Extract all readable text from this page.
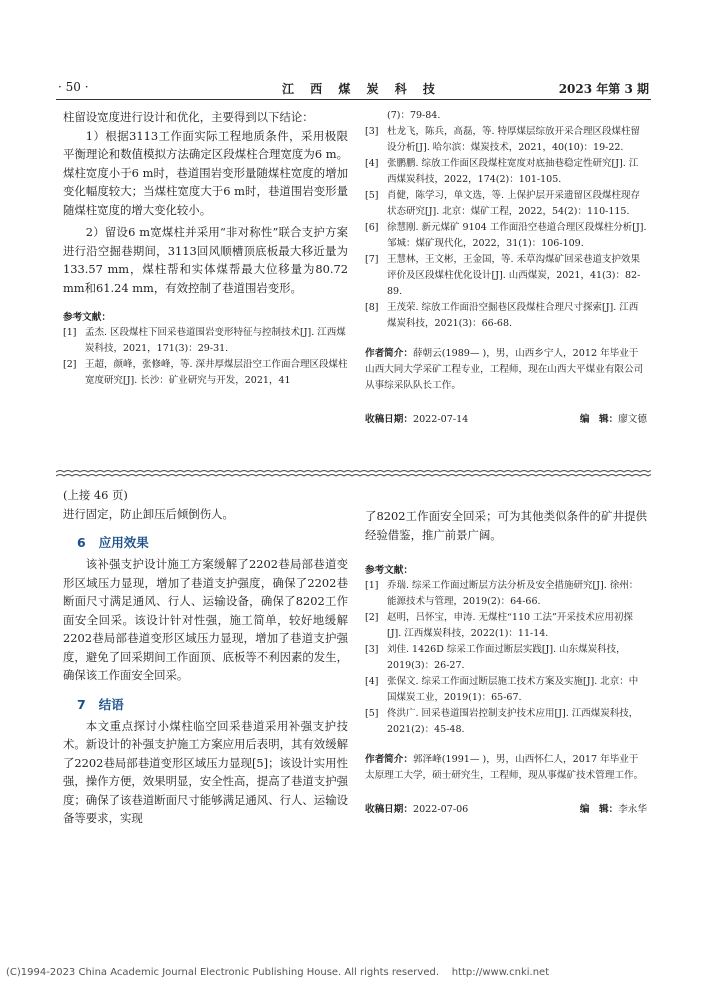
· 50 ·	江 西 煤 炭 科 技	2023 年第 3 期
柱留设宽度进行设计和优化，主要得到以下结论：
1）根据3113工作面实际工程地质条件，采用极限平衡理论和数值模拟方法确定区段煤柱合理宽度为6 m。煤柱宽度小于6 m时，巷道围岩变形量随煤柱宽度的增加变化幅度较大；当煤柱宽度大于6 m时，巷道围岩变形量随煤柱宽度的增大变化较小。
2）留设6 m宽煤柱并采用“非对称性”联合支护方案进行沿空掘巷期间，3113回风顺槽顶底板最大移近量为133.57 mm，煤柱帮和实体煤帮最大位移量为80.72 mm和61.24 mm，有效控制了巷道围岩变形。
参考文献：
[1] 孟杰. 区段煤柱下回采巷道围岩变形特征与控制技术[J]. 江西煤炭科技，2021，171(3)：29-31.
[2] 王超，颜峰，张修峰，等. 深井厚煤层沿空工作面合理区段煤柱宽度研究[J]. 长沙：矿业研究与开发，2021，41
(7)：79-84.
[3] 杜龙飞，陈兵，高磊，等. 特厚煤层综放开采合理区段煤柱留设分析[J]. 哈尔滨：煤炭技术，2021，40(10)：19-22.
[4] 张鹏鹏. 综放工作面区段煤柱宽度对底抽巷稳定性研究[J]. 江西煤炭科技，2022，174(2)：101-105.
[5] 肖健，陈学习，单文选，等. 上保护层开采遗留区段煤柱现存状态研究[J]. 北京：煤矿工程，2022，54(2)：110-115.
[6] 徐慧刚. 新元煤矿 9104 工作面沿空巷道合理区段煤柱分析[J]. 邹城：煤矿现代化，2022，31(1)：106-109.
[7] 王慧林，王文彬，王金国，等. 禾草沟煤矿回采巷道支护效果评价及区段煤柱优化设计[J]. 山西煤炭，2021，41(3)：82-89.
[8] 王茂荣. 综放工作面沿空掘巷区段煤柱合理尺寸探索[J]. 江西煤炭科技，2021(3)：66-68.
作者简介：薛朝云(1989— )，男，山西乡宁人，2012 年毕业于山西大同大学采矿工程专业，工程师，现在山西大平煤业有限公司从事综采队队长工作。
收稿日期：2022-07-14	编　辑：廖文德
(上接 46 页)
进行固定，防止卸压后倾倒伤人。
6 应用效果
该补强支护设计施工方案缓解了2202巷局部巷道变形区域压力显现，增加了巷道支护强度，确保了2202巷断面尺寸满足通风、行人、运输设备，确保了8202工作面安全回采。该设计针对性强，施工简单，较好地缓解2202巷局部巷道变形区域压力显现，增加了巷道支护强度，避免了回采期间工作面顶、底板等不利因素的发生，确保该工作面安全回采。
7 结语
本文重点探讨小煤柱临空回采巷道采用补强支护技术。新设计的补强支护施工方案应用后表明，其有效缓解了2202巷局部巷道变形区域压力显现[5]；该设计实用性强，操作方便，效果明显，安全性高，提高了巷道支护强度；确保了该巷道断面尺寸能够满足通风、行人、运输设备等要求，实现
了8202工作面安全回采；可为其他类似条件的矿井提供经验借鉴，推广前景广阔。
参考文献：
[1] 乔瑞. 综采工作面过断层方法分析及安全措施研究[J]. 徐州：能源技术与管理，2019(2)：64-66.
[2] 赵明，吕怀宝，申涛. 无煤柱“110 工法”开采技术应用初探[J]. 江西煤炭科技，2022(1)：11-14.
[3] 刘佳. 1426D 综采工作面过断层实践[J]. 山东煤炭科技，2019(3)：26-27.
[4] 张保文. 综采工作面过断层施工技术方案及实施[J]. 北京：中国煤炭工业，2019(1)：65-67.
[5] 佟洪广. 回采巷道围岩控制支护技术应用[J]. 江西煤炭科技，2021(2)：45-48.
作者简介：郭泽峰(1991— )，男，山西怀仁人，2017 年毕业于太原理工大学，硕士研究生，工程师，现从事煤矿技术管理工作。
收稿日期：2022-07-06	编　辑：李永华
(C)1994-2023 China Academic Journal Electronic Publishing House. All rights reserved.    http://www.cnki.net
